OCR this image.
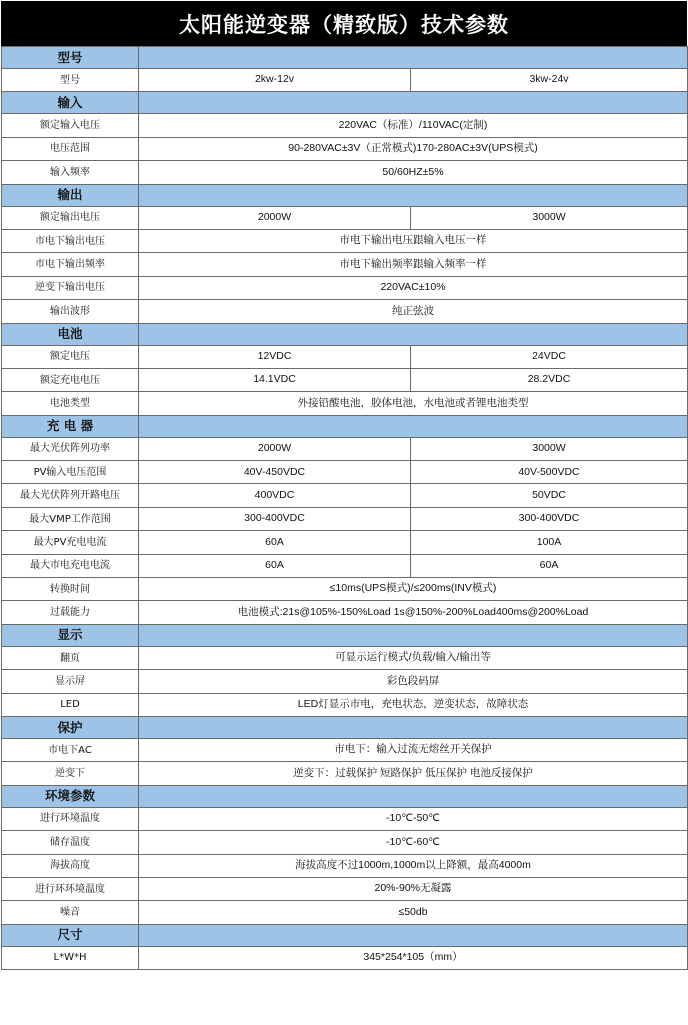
太阳能逆变器（精致版）技术参数
型号		
型号	2kw-12v	3kw-24v
输入		
额定输入电压	220VAC（标准）/110VAC(定制)	
电压范围	90-280VAC±3V（正常模式)170-280AC±3V(UPS模式)	
输入频率	50/60HZ±5%	
输出		
额定输出电压	2000W	3000W
市电下输出电压	市电下输出电压跟输入电压一样	
市电下输出频率	市电下输出频率跟输入频率一样	
逆变下输出电压	220VAC±10%	
输出波形	纯正弦波	
电池		
额定电压	12VDC	24VDC
额定充电电压	14.1VDC	28.2VDC
电池类型	外接铅酸电池，胶体电池，水电池或者锂电池类型	
充 电 器		
最大光伏阵列功率	2000W	3000W
PV输入电压范围	40V-450VDC	40V-500VDC
最大光伏阵列开路电压	400VDC	50VDC
最大VMP工作范围	300-400VDC	300-400VDC
最大PV充电电流	60A	100A
最大市电充电电流	60A	60A
转换时间	≤10ms(UPS模式)/≤200ms(INV模式)	
过载能力	电池模式:21s@105%-150%Load 1s@150%-200%Load400ms@200%Load	
显示		
翻页	可显示运行模式/负载/输入/输出等	
显示屏	彩色段码屏	
LED	LED灯显示市电，充电状态，逆变状态，故障状态	
保护		
市电下AC	市电下：输入过流无熔丝开关保护	
逆变下	逆变下：过载保护 短路保护 低压保护 电池反接保护	
环境参数		
进行环境温度	-10℃-50℃	
储存温度	-10℃-60℃	
海拔高度	海拔高度不过1000m,1000m以上降额，最高4000m	
进行环环境温度	20%-90%无凝露	
噪音	≤50db	
尺寸		
L*W*H	345*254*105（mm）	
